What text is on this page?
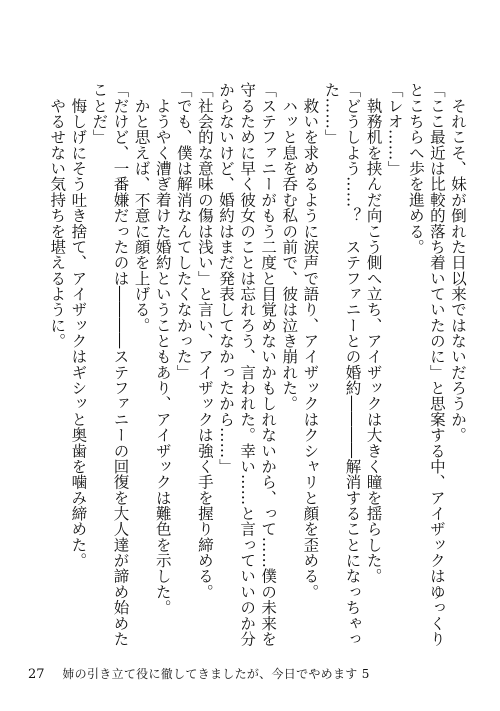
　それこそ、妹が倒れた日以来ではないだろうか。

「ここ最近は比較的落ち着いていたのに」と思案する中、アイザックはゆっくりとこちらへ歩を進める。

「レオ……」

　執務机を挟んだ向こう側へ立ち、アイザックは大きく瞳を揺らした。

「どうしよう……？　ステファニーとの婚約――――解消することになっちゃった……」

　救いを求めるように涙声で語り、アイザックはクシャリと顔を歪める。

　ハッと息を呑む私の前で、彼は泣き崩れた。

「ステファニーがもう二度と目覚めないかもしれないから、って……僕の未来を守るために早く彼女のことは忘れろう、言われた。幸い……と言っていいのか分からないけど、婚約はまだ発表してなかったから……」

「社会的な意味の傷は浅い」と言い、アイザックは強く手を握り締める。

「でも、僕は解消なんてしたくなかった」

　ようやく漕ぎ着けた婚約ということもあり、アイザックは難色を示した。

　かと思えば、不意に顔を上げる。

「だけど、一番嫌だったのは――――ステファニーの回復を大人達が諦め始めたことだ」

　悔しげにそう吐き捨て、アイザックはギシッと奥歯を噛み締めた。

　やるせない気持ちを堪えるように。

27 姉の引き立て役に徹してきましたが、今日でやめます 5
